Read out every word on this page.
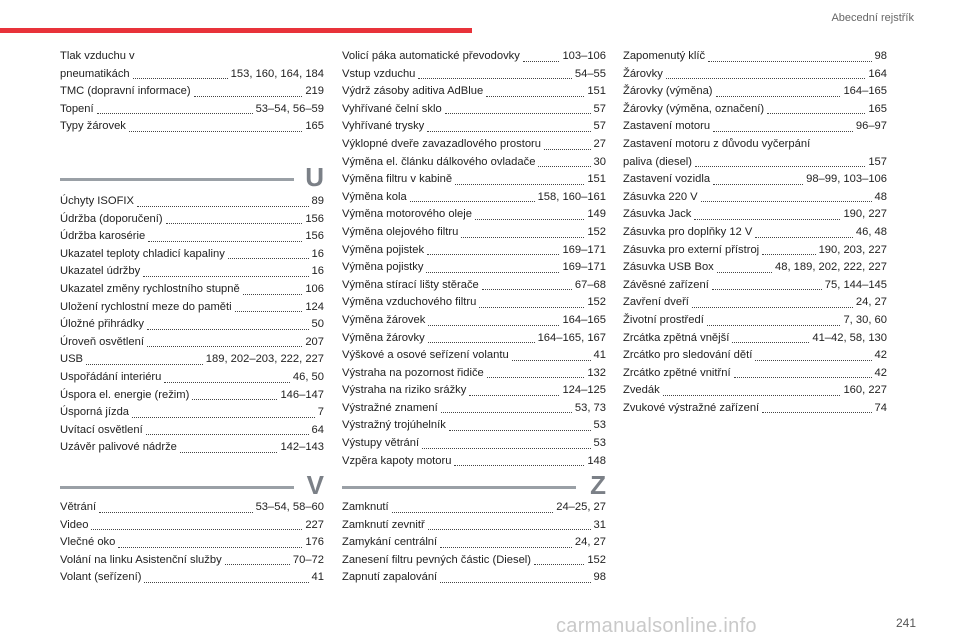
Abecední rejstřík
Tlak vzduchu v
pneumatikách	153, 160, 164, 184
TMC (dopravní informace)	219
Topení	53–54, 56–59
Typy žárovek	165
U
Úchyty ISOFIX	89
Údržba (doporučení)	156
Údržba karosérie	156
Ukazatel teploty chladicí kapaliny	16
Ukazatel údržby	16
Ukazatel změny rychlostního stupně	106
Uložení rychlostní meze do paměti	124
Úložné přihrádky	50
Úroveň osvětlení	207
USB	189, 202–203, 222, 227
Uspořádání interiéru	46, 50
Úspora el. energie (režim)	146–147
Úsporná jízda	7
Uvítací osvětlení	64
Uzávěr palivové nádrže	142–143
V
Větrání	53–54, 58–60
Video	227
Vlečné oko	176
Volání na linku Asistenční služby	70–72
Volant (seřízení)	41
Volicí páka automatické převodovky	103–106
Vstup vzduchu	54–55
Výdrž zásoby aditiva AdBlue	151
Vyhřívané čelní sklo	57
Vyhřívané trysky	57
Výklopné dveře zavazadlového prostoru	27
Výměna el. článku dálkového ovladače	30
Výměna filtru v kabině	151
Výměna kola	158, 160–161
Výměna motorového oleje	149
Výměna olejového filtru	152
Výměna pojistek	169–171
Výměna pojistky	169–171
Výměna stírací lišty stěrače	67–68
Výměna vzduchového filtru	152
Výměna žárovek	164–165
Výměna žárovky	164–165, 167
Výškové a osové seřízení volantu	41
Výstraha na pozornost řidiče	132
Výstraha na riziko srážky	124–125
Výstražné znamení	53, 73
Výstražný trojúhelník	53
Výstupy větrání	53
Vzpěra kapoty motoru	148
Z
Zamknutí	24–25, 27
Zamknutí zevnitř	31
Zamykání centrální	24, 27
Zanesení filtru pevných částic (Diesel)	152
Zapnutí zapalování	98
Zapomenutý klíč	98
Žárovky	164
Žárovky (výměna)	164–165
Žárovky (výměna, označení)	165
Zastavení motoru	96–97
Zastavení motoru z důvodu vyčerpání
paliva (diesel)	157
Zastavení vozidla	98–99, 103–106
Zásuvka 220 V	48
Zásuvka Jack	190, 227
Zásuvka pro doplňky 12 V	46, 48
Zásuvka pro externí přístroj	190, 203, 227
Zásuvka USB Box	48, 189, 202, 222, 227
Závěsné zařízení	75, 144–145
Zavření dveří	24, 27
Životní prostředí	7, 30, 60
Zrcátka zpětná vnější	41–42, 58, 130
Zrcátko pro sledování dětí	42
Zrcátko zpětné vnitřní	42
Zvedák	160, 227
Zvukové výstražné zařízení	74
241
carmanualsonline.info
